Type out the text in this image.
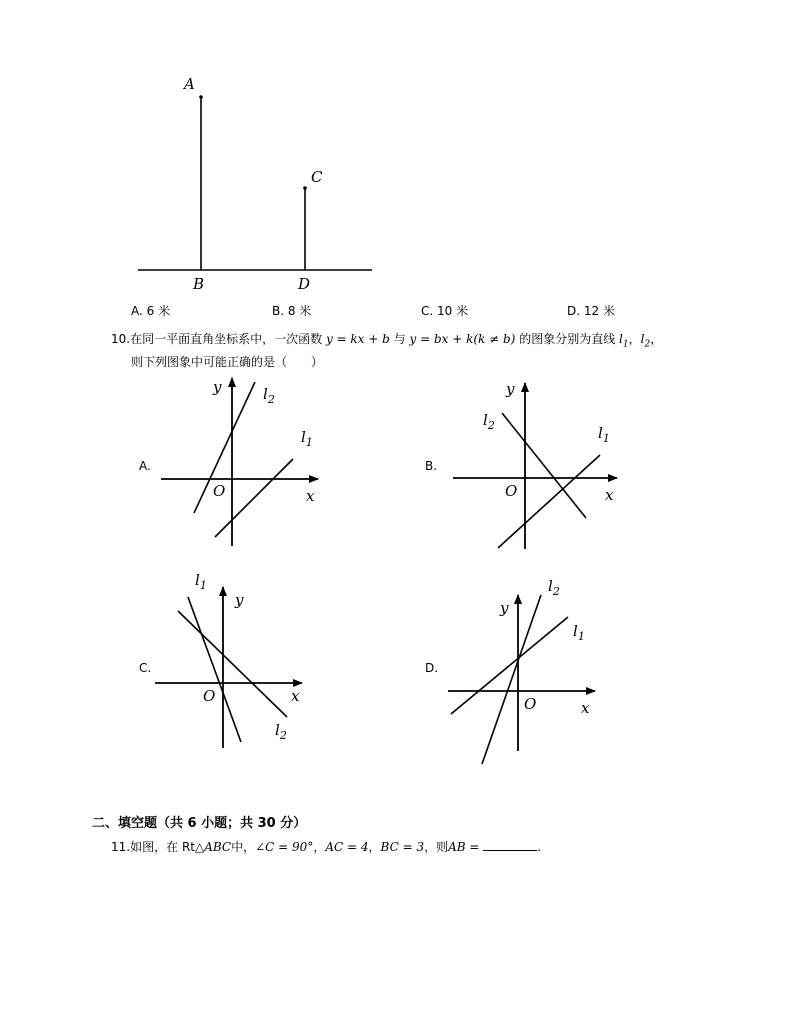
A
C
B	D
A. 6 米	B. 8 米	C. 10 米	D. 12 米
10.在同一平面直角坐标系中，一次函数 y = kx + b 与 y = bx + k(k ≠ b) 的图象分别为直线 $l_1$，$l_2$，
则下列图象中可能正确的是（　　）
A.	B.
C.	D.
y
x
O
$l_2$
$l_1$
y
x
O
$l_2$	$l_1$
y
x
O
$l_1$
$l_2$
y
x
O
$l_2$
$l_1$
二、填空题（共 6 小题；共 30 分）
11.如图，在 Rt△ABC中，∠C = 90°，AC = 4，BC = 3，则AB =	.
